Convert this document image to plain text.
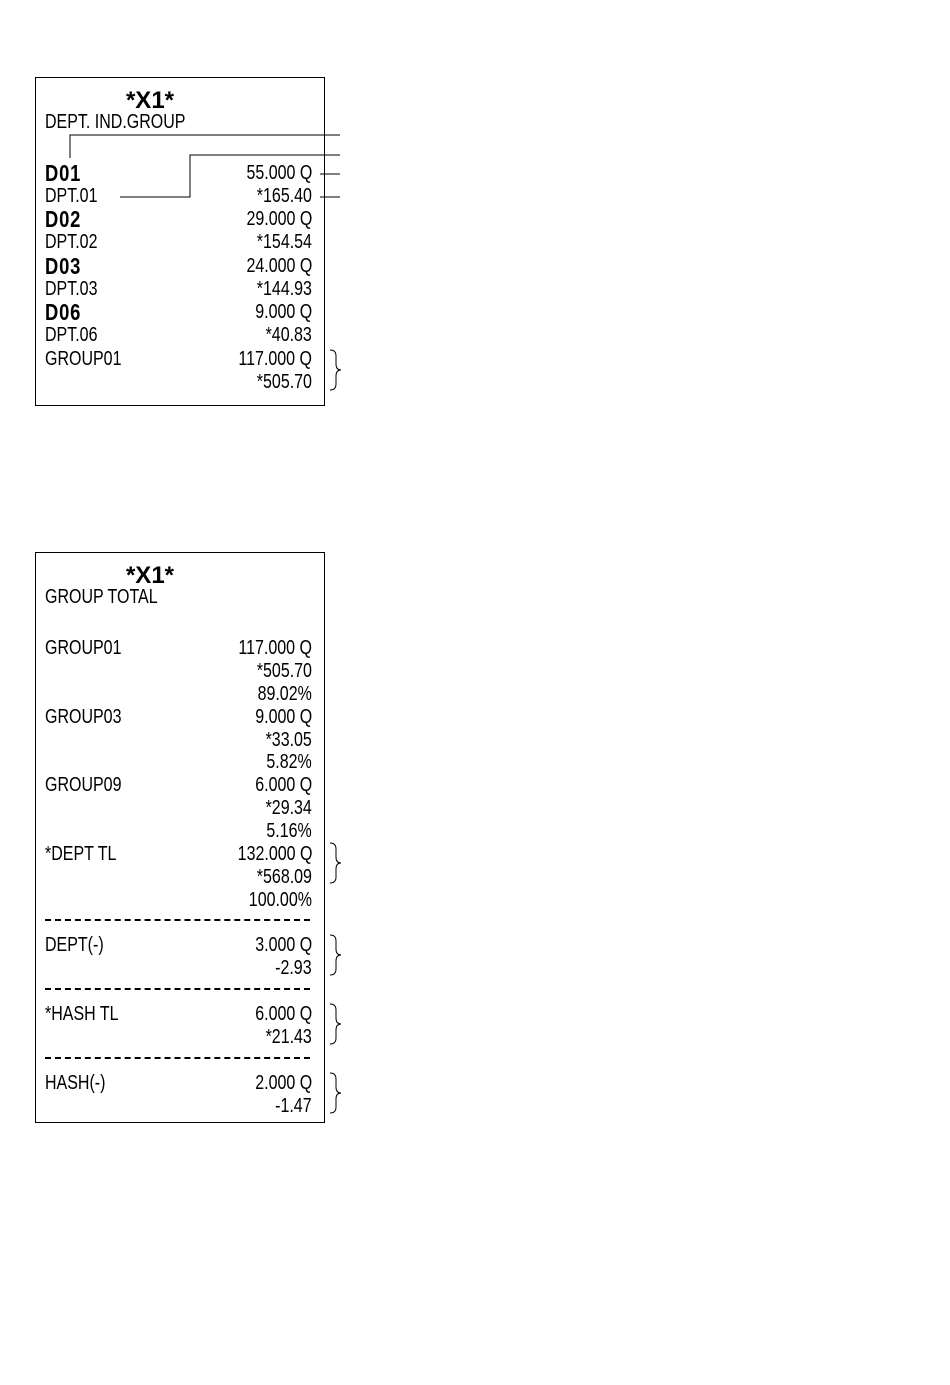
*X1*
DEPT. IND.GROUP
D01	55.000 Q
DPT.01	*165.40
D02	29.000 Q
DPT.02	*154.54
D03	24.000 Q
DPT.03	*144.93
D06	9.000 Q
DPT.06	*40.83
GROUP01	117.000 Q
*505.70
*X1*
GROUP TOTAL
GROUP01	117.000 Q
*505.70
89.02%
GROUP03	9.000 Q
*33.05
5.82%
GROUP09	6.000 Q
*29.34
5.16%
*DEPT TL	132.000 Q
*568.09
100.00%
DEPT(-)	3.000 Q
-2.93
*HASH TL	6.000 Q
*21.43
HASH(-)	2.000 Q
-1.47
